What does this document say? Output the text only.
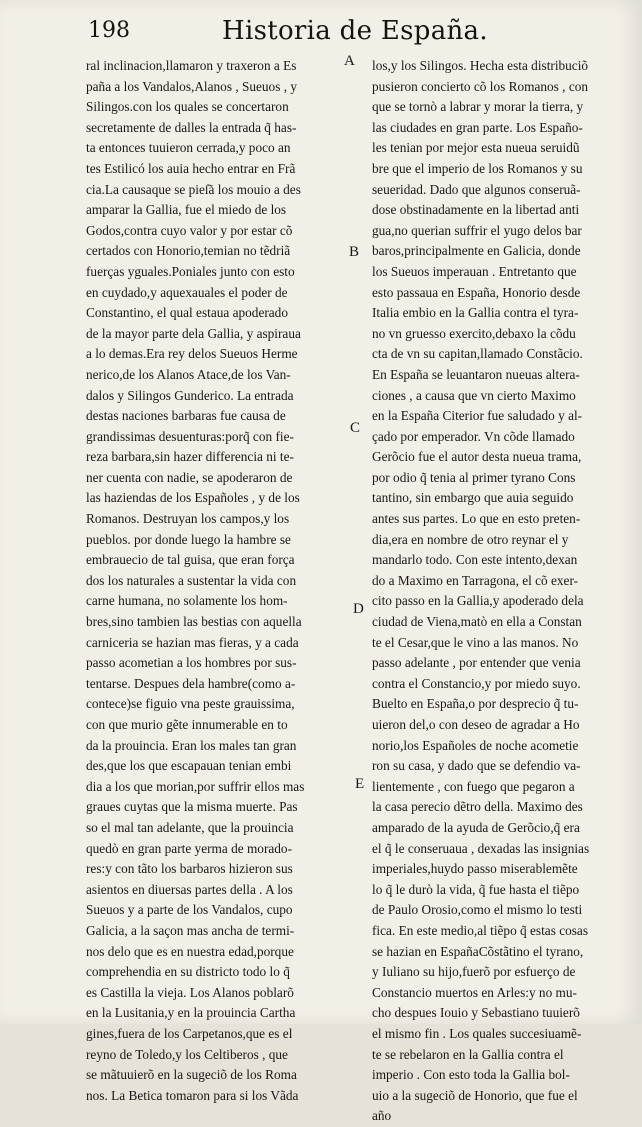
198	Historia de España.
ral inclinacion,llamaron y traxeron a Es
paña a los Vandalos,Alanos , Sueuos , y
Silingos.con los quales se concertaron
secretamente de dalles la entrada q̃ has-
ta entonces tuuieron cerrada,y poco an
tes Estilicó los auia hecho entrar en Frã
cia.La causaque se pieſ̃a los mouio a des
amparar la Gallia, fue el miedo de los
Godos,contra cuyo valor y por estar cõ
certados con Honorio,temian no tẽdriã
fuerças yguales.Poniales junto con esto
en cuydado,y aquexauales el poder de
Constantino, el qual estaua apoderado
de la mayor parte dela Gallia, y aspiraua
a lo demas.Era rey delos Sueuos Herme
nerico,de los Alanos Atace,de los Van-
dalos y Silingos Gunderico. La entrada
destas naciones barbaras fue causa de
grandissimas desuenturas:porq̃ con fie-
reza barbara,sin hazer differencia ni te-
ner cuenta con nadie, se apoderaron de
las haziendas de los Españoles , y de los
Romanos. Destruyan los campos,y los
pueblos. por donde luego la hambre se
embrauecio de tal guisa, que eran força
dos los naturales a sustentar la vida con
carne humana, no solamente los hom-
bres,sino tambien las bestias con aquella
carniceria se hazian mas fieras, y a cada
passo acometian a los hombres por sus-
tentarse. Despues dela hambre(como a-
contece)se figuio vna peste grauissima,
con que murio gẽte innumerable en to
da la prouincia. Eran los males tan gran
des,que los que escapauan tenian embi
dia a los que morian,por suffrir ellos mas
graues cuytas que la misma muerte. Pas
so el mal tan adelante, que la prouincia
quedò en gran parte yerma de morado-
res:y con tãto los barbaros hizieron sus
asientos en diuersas partes della . A los
Sueuos y a parte de los Vandalos, cupo
Galicia, a la saçon mas ancha de termi-
nos delo que es en nuestra edad,porque
comprehendia en su districto todo lo q̃
es Castilla la vieja. Los Alanos poblarõ
en la Lusitania,y en la prouincia Cartha
gines,fuera de los Carpetanos,que es el
reyno de Toledo,y los Celtiberos , que
se mãtuuierõ en la sugeciõ de los Roma
nos. La Betica tomaron para si los Vãda
los,y los Silingos. Hecha esta distribuciõ
pusieron concierto cõ los Romanos , con
que se tornò a labrar y morar la tierra, y
las ciudades en gran parte. Los Españo-
les tenian por mejor esta nueua seruidũ
bre que el imperio de los Romanos y su
seueridad. Dado que algunos conseruã-
dose obstinadamente en la libertad anti
gua,no querian suffrir el yugo delos bar
baros,principalmente en Galicia, donde
los Sueuos imperauan . Entretanto que
esto passaua en España, Honorio desde
Italia embio en la Gallia contra el tyra-
no vn gruesso exercito,debaxo la cõdu
cta de vn su capitan,llamado Constãcio.
En España se leuantaron nueuas altera-
ciones , a causa que vn cierto Maximo
en la España Citerior fue saludado y al-
çado por emperador. Vn cõde llamado
Gerõcio fue el autor desta nueua trama,
por odio q̃ tenia al primer tyrano Cons
tantino, sin embargo que auia seguido
antes sus partes. Lo que en esto preten-
dia,era en nombre de otro reynar el y
mandarlo todo. Con este intento,dexan
do a Maximo en Tarragona, el cõ exer-
cito passo en la Gallia,y apoderado dela
ciudad de Viena,matò en ella a Constan
te el Cesar,que le vino a las manos. No
passo adelante , por entender que venia
contra el Constancio,y por miedo suyo.
Bueltо en España,o por desprecio q̃ tu-
uieron del,o con deseo de agradar a Ho
norio,los Españoles de noche acometie
ron su casa, y dado que se defendio va-
lientemente , con fuego que pegaron a
la casa perecio dẽtro della. Maximo des
amparado de la ayuda de Gerõcio,q̃ era
el q̃ le conseruaua , dexadas las insignias
imperiales,huydo passo miserablemẽte
lo q̃ le durò la vida, q̃ fue hasta el tiẽpo
de Paulo Orosio,como el mismo lo testi
fica. En este medio,al tiẽpo q̃ estas cosas
se hazian en EspañaCõstãtino el tyrano,
y Iuliano su hijo,fuerõ por esfuerço de
Constancio muertos en Arles:y no mu-
cho despues Iouio y Sebastiano tuuierõ
el mismo fin . Los quales succesiuamẽ-
te se rebelaron en la Gallia contra el
imperio . Con esto toda la Gallia bol-
uio a la sugeciõ de Honorio, que fue el
año
A
B
C
D
E
